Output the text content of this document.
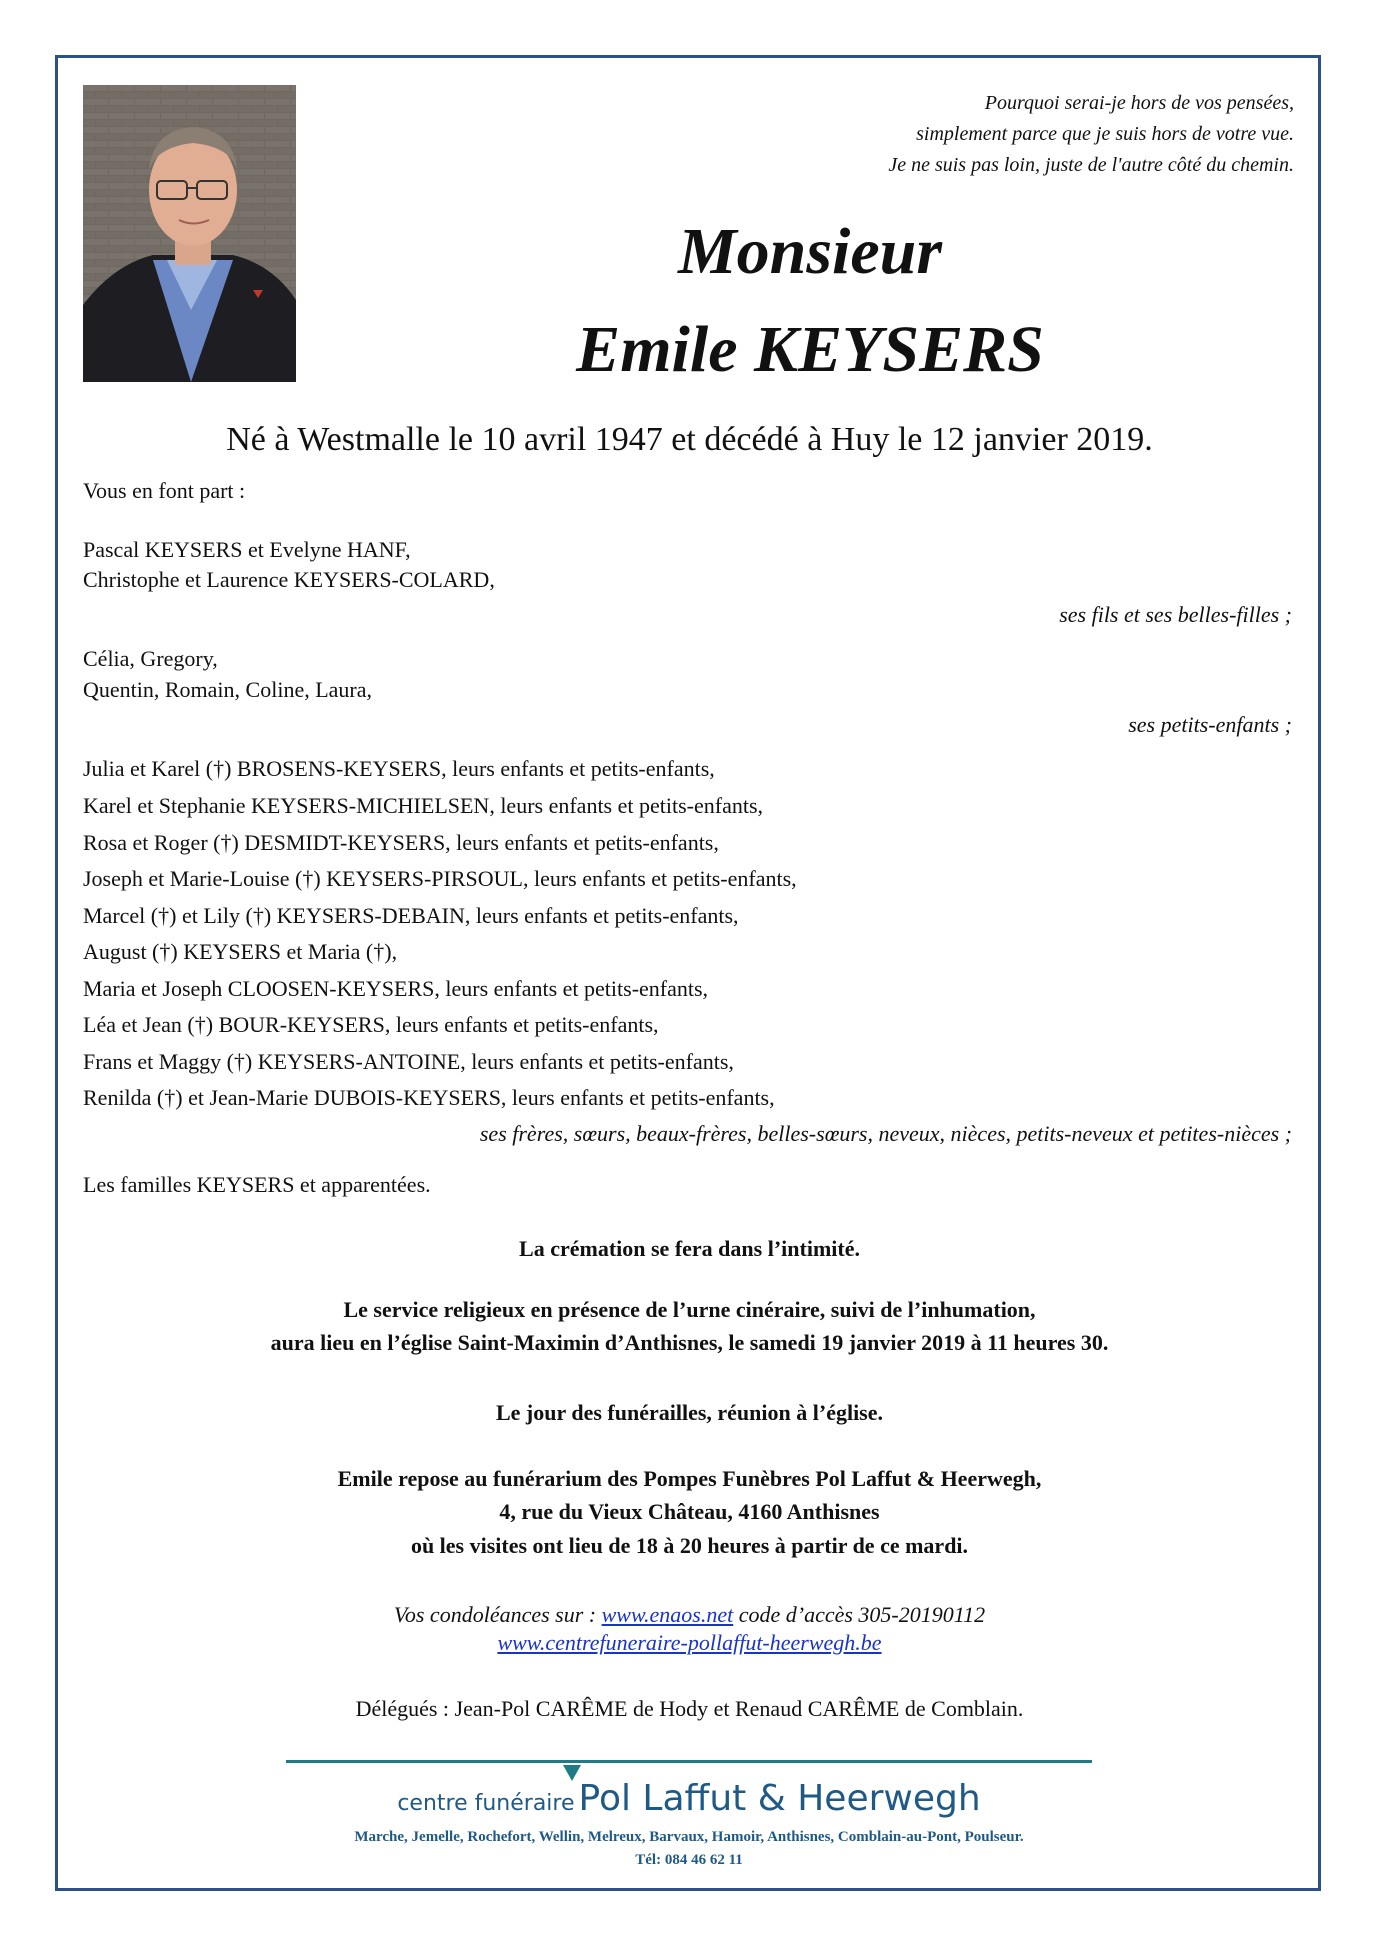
Pourquoi serai-je hors de vos pensées,
simplement parce que je suis hors de votre vue.
Je ne suis pas loin, juste de l'autre côté du chemin.
Monsieur
Emile KEYSERS
Né à Westmalle le 10 avril 1947 et décédé à Huy le 12 janvier 2019.
Vous en font part :
Pascal KEYSERS et Evelyne HANF,
Christophe et Laurence KEYSERS-COLARD,
ses fils et ses belles-filles ;
Célia, Gregory,
Quentin, Romain, Coline, Laura,
ses petits-enfants ;
Julia et Karel (†) BROSENS-KEYSERS, leurs enfants et petits-enfants,
Karel et Stephanie KEYSERS-MICHIELSEN, leurs enfants et petits-enfants,
Rosa et Roger (†) DESMIDT-KEYSERS, leurs enfants et petits-enfants,
Joseph et Marie-Louise (†) KEYSERS-PIRSOUL, leurs enfants et petits-enfants,
Marcel (†) et Lily (†) KEYSERS-DEBAIN, leurs enfants et petits-enfants,
August (†) KEYSERS et Maria (†),
Maria et Joseph CLOOSEN-KEYSERS, leurs enfants et petits-enfants,
Léa et Jean (†) BOUR-KEYSERS, leurs enfants et petits-enfants,
Frans et Maggy (†) KEYSERS-ANTOINE, leurs enfants et petits-enfants,
Renilda (†) et Jean-Marie DUBOIS-KEYSERS, leurs enfants et petits-enfants,
ses frères, sœurs, beaux-frères, belles-sœurs, neveux, nièces, petits-neveux et petites-nièces ;
Les familles KEYSERS et apparentées.
La crémation se fera dans l’intimité.
Le service religieux en présence de l’urne cinéraire, suivi de l’inhumation,
aura lieu en l’église Saint-Maximin d’Anthisnes, le samedi 19 janvier 2019 à 11 heures 30.
Le jour des funérailles, réunion à l’église.
Emile repose au funérarium des Pompes Funèbres Pol Laffut & Heerwegh,
4, rue du Vieux Château, 4160 Anthisnes
où les visites ont lieu de 18 à 20 heures à partir de ce mardi.
Vos condoléances sur : www.enaos.net code d’accès 305-20190112
www.centrefuneraire-pollaffut-heerwegh.be
Délégués : Jean-Pol CARÊME de Hody et Renaud CARÊME de Comblain.
centre funéraire Pol Laffut & Heerwegh
Marche, Jemelle, Rochefort, Wellin, Melreux, Barvaux, Hamoir, Anthisnes, Comblain-au-Pont, Poulseur.
Tél: 084 46 62 11
